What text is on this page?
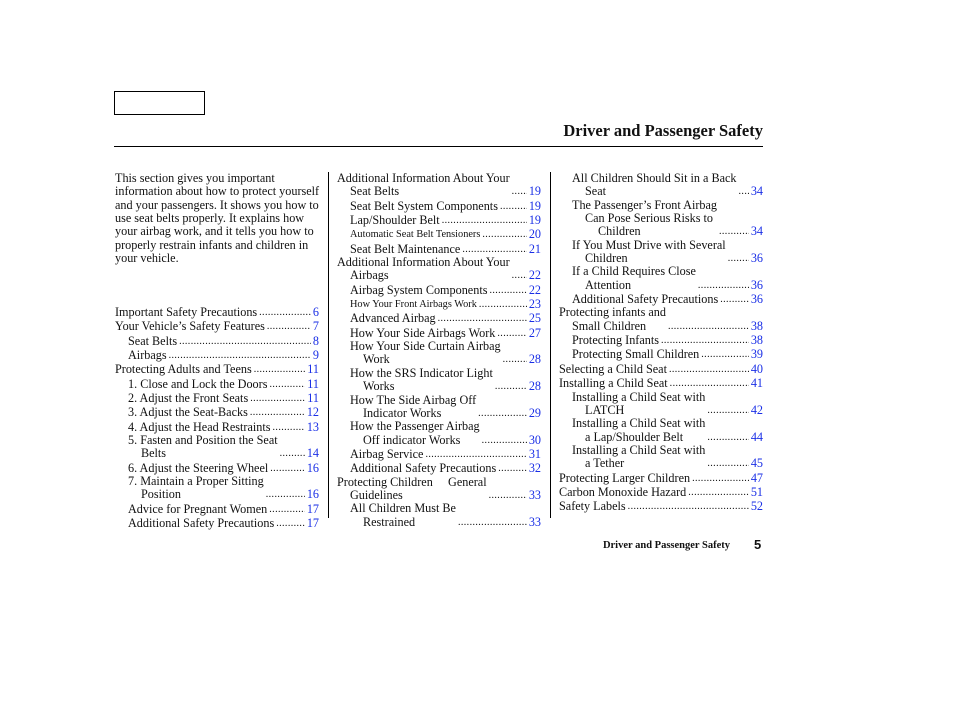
Driver and Passenger Safety

This section gives you important information about how to protect yourself and your passengers. It shows you how to use seat belts properly. It explains how your airbag work, and it tells you how to properly restrain infants and children in your vehicle.

Important Safety Precautions .....	6
Your Vehicle’s Safety Features .....	7
Seat Belts .....	8
Airbags .....	9
Protecting Adults and Teens .....	11
1. Close and Lock the Doors .....	11
2. Adjust the Front Seats .....	11
3. Adjust the Seat-Backs .....	12
4. Adjust the Head Restraints .....	13
5. Fasten and Position the Seat
Belts .....	14
6. Adjust the Steering Wheel .....	16
7. Maintain a Proper Sitting
Position .....	16
Advice for Pregnant Women .....	17
Additional Safety Precautions .....	17
Additional Information About Your
Seat Belts .....	19
Seat Belt System Components .....	19
Lap/Shoulder Belt .....	19
Automatic Seat Belt Tensioners .....	20
Seat Belt Maintenance .....	21
Additional Information About Your
Airbags .....	22
Airbag System Components .....	22
How Your Front Airbags Work .....	23
Advanced Airbag .....	25
How Your Side Airbags Work .....	27
How Your Side Curtain Airbag
Work .....	28
How the SRS Indicator Light
Works .....	28
How The Side Airbag Off
Indicator Works .....	29
How the Passenger Airbag
Off indicator Works .....	30
Airbag Service .....	31
Additional Safety Precautions .....	32
Protecting Children     General
Guidelines .....	33
All Children Must Be
Restrained .....	33
All Children Should Sit in a Back
Seat .....	34
The Passenger’s Front Airbag
Can Pose Serious Risks to
Children .....	34
If You Must Drive with Several
Children .....	36
If a Child Requires Close
Attention .....	36
Additional Safety Precautions .....	36
Protecting infants and
Small Children .....	38
Protecting Infants .....	38
Protecting Small Children .....	39
Selecting a Child Seat .....	40
Installing a Child Seat .....	41
Installing a Child Seat with
LATCH .....	42
Installing a Child Seat with
a Lap/Shoulder Belt .....	44
Installing a Child Seat with
a Tether .....	45
Protecting Larger Children .....	47
Carbon Monoxide Hazard .....	51
Safety Labels .....	52
Driver and Passenger Safety 5
